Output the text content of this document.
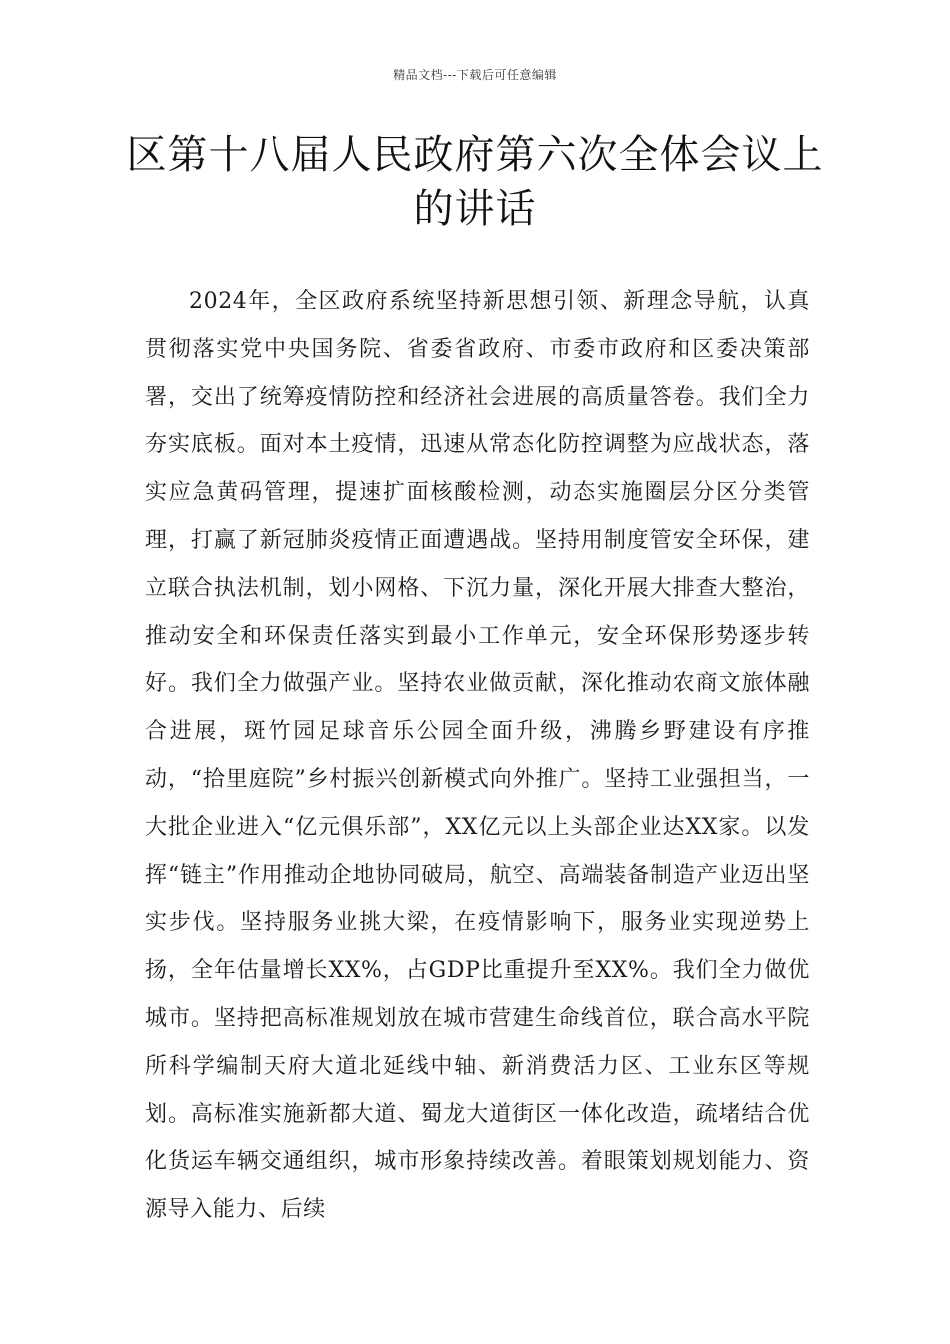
精品文档---下载后可任意编辑
区第十八届人民政府第六次全体会议上的讲话

2024年，全区政府系统坚持新思想引领、新理念导航，认真贯彻落实党中央国务院、省委省政府、市委市政府和区委决策部署，交出了统筹疫情防控和经济社会进展的高质量答卷。我们全力夯实底板。面对本土疫情，迅速从常态化防控调整为应战状态，落实应急黄码管理，提速扩面核酸检测，动态实施圈层分区分类管理，打赢了新冠肺炎疫情正面遭遇战。坚持用制度管安全环保，建立联合执法机制，划小网格、下沉力量，深化开展大排查大整治，推动安全和环保责任落实到最小工作单元，安全环保形势逐步转好。我们全力做强产业。坚持农业做贡献，深化推动农商文旅体融合进展，斑竹园足球音乐公园全面升级，沸腾乡野建设有序推动，“拾里庭院”乡村振兴创新模式向外推广。坚持工业强担当，一大批企业进入“亿元俱乐部”，XX亿元以上头部企业达XX家。以发挥“链主”作用推动企地协同破局，航空、高端装备制造产业迈出坚实步伐。坚持服务业挑大梁，在疫情影响下，服务业实现逆势上扬，全年估量增长XX%，占GDP比重提升至XX%。我们全力做优城市。坚持把高标准规划放在城市营建生命线首位，联合高水平院所科学编制天府大道北延线中轴、新消费活力区、工业东区等规划。高标准实施新都大道、蜀龙大道街区一体化改造，疏堵结合优化货运车辆交通组织，城市形象持续改善。着眼策划规划能力、资源导入能力、后续
